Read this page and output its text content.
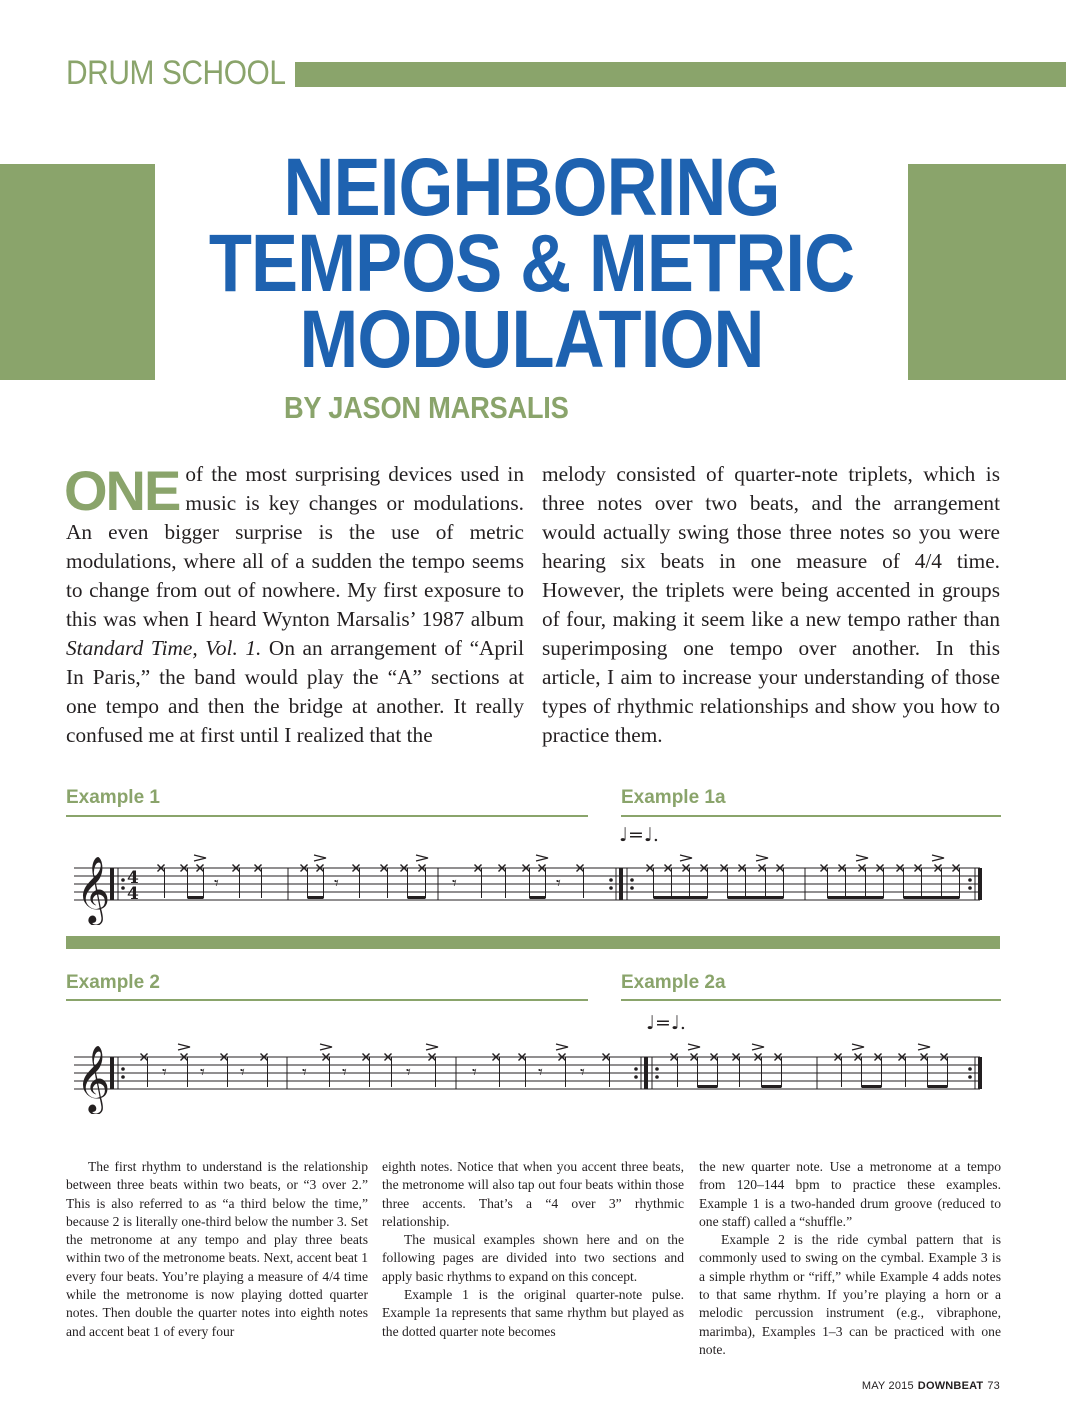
DRUM SCHOOL
NEIGHBORING
TEMPOS & METRIC
MODULATION
BY JASON MARSALIS
ONE of the most surprising devices used in music is key changes or modulations. An even bigger surprise is the use of metric modulations, where all of a sudden the tempo seems to change from out of nowhere. My first exposure to this was when I heard Wynton Marsalis’ 1987 album Standard Time, Vol. 1. On an arrangement of “April In Paris,” the band would play the “A” sections at one tempo and then the bridge at another. It really confused me at first until I realized that the
melody consisted of quarter-note triplets, which is three notes over two beats, and the arrangement would actually swing those three notes so you were hearing six beats in one measure of 4/4 time. However, the triplets were being accented in groups of four, making it seem like a new tempo rather than superimposing one tempo over another. In this article, I aim to increase your understanding of those types of rhythmic relationships and show you how to practice them.
Example 1	Example 1a
♩=♩.
𝄞 4
4	𝄾	𝄾	𝄾	𝄾
Example 2	Example 2a
♩=♩.
𝄞	𝄾 𝄾 𝄾	𝄾 𝄾	𝄾	𝄾	𝄾 𝄾

The first rhythm to understand is the relationship between three beats within two beats, or “3 over 2.” This is also referred to as “a third below the time,” because 2 is literally one-third below the number 3. Set the metronome at any tempo and play three beats within two of the metronome beats. Next, accent beat 1 every four beats. You’re playing a measure of 4/4 time while the metronome is now playing dotted quarter notes. Then double the quarter notes into eighth notes and accent beat 1 of every four

eighth notes. Notice that when you accent three beats, the metronome will also tap out four beats within those three accents. That’s a “4 over 3” rhythmic relationship.

The musical examples shown here and on the following pages are divided into two sections and apply basic rhythms to expand on this concept.

Example 1 is the original quarter-note pulse. Example 1a represents that same rhythm but played as the dotted quarter note becomes

the new quarter note. Use a metronome at a tempo from 120–144 bpm to practice these examples. Example 1 is a two-handed drum groove (reduced to one staff) called a “shuffle.”

Example 2 is the ride cymbal pattern that is commonly used to swing on the cymbal. Example 3 is a simple rhythm or “riff,” while Example 4 adds notes to that same rhythm. If you’re playing a horn or a melodic percussion instrument (e.g., vibraphone, marimba), Examples 1–3 can be practiced with one note.

MAY 2015 DOWNBEAT 73
